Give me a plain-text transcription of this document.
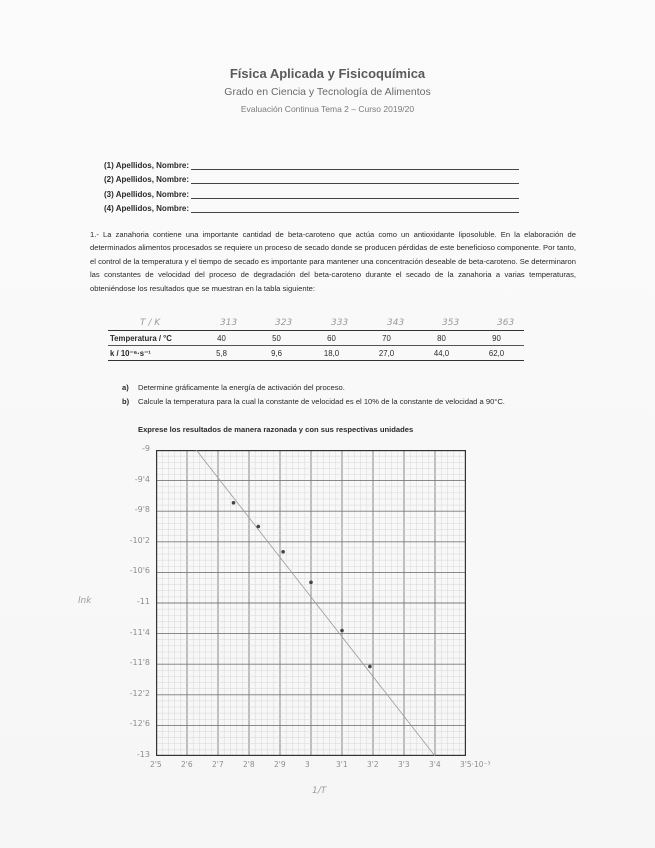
Física Aplicada y Fisicoquímica
Grado en Ciencia y Tecnología de Alimentos
Evaluación Continua Tema 2 – Curso 2019/20
(1) Apellidos, Nombre:
(2) Apellidos, Nombre:
(3) Apellidos, Nombre:
(4) Apellidos, Nombre:
1.- La zanahoria contiene una importante cantidad de beta-caroteno que actúa como un antioxidante liposoluble. En la elaboración de determinados alimentos procesados se requiere un proceso de secado donde se producen pérdidas de este beneficioso componente. Por tanto, el control de la temperatura y el tiempo de secado es importante para mantener una concentración deseable de beta-caroteno. Se determinaron las constantes de velocidad del proceso de degradación del beta-caroteno durante el secado de la zanahoria a varias temperaturas, obteniéndose los resultados que se muestran en la tabla siguiente:
T / K	313	323	333	343	353	363
Temperatura / °C	40	50	60	70	80	90
k / 10⁻⁶·s⁻¹	5,8	9,6	18,0	27,0	44,0	62,0
a) Determine gráficamente la energía de activación del proceso.
b)	Calcule la temperatura para la cual la constante de velocidad es el 10% de la constante de velocidad a 90°C.
Exprese los resultados de manera razonada y con sus respectivas unidades
lnk
1/T
-9
-9'4
-9'8
-10'2
-10'6
-11
-11'4
-11'8
-12'2
-12'6
-13
2'5	2'6	2'7	2'8	2'9	3	3'1	3'2	3'3	3'4	3'5·10⁻³
